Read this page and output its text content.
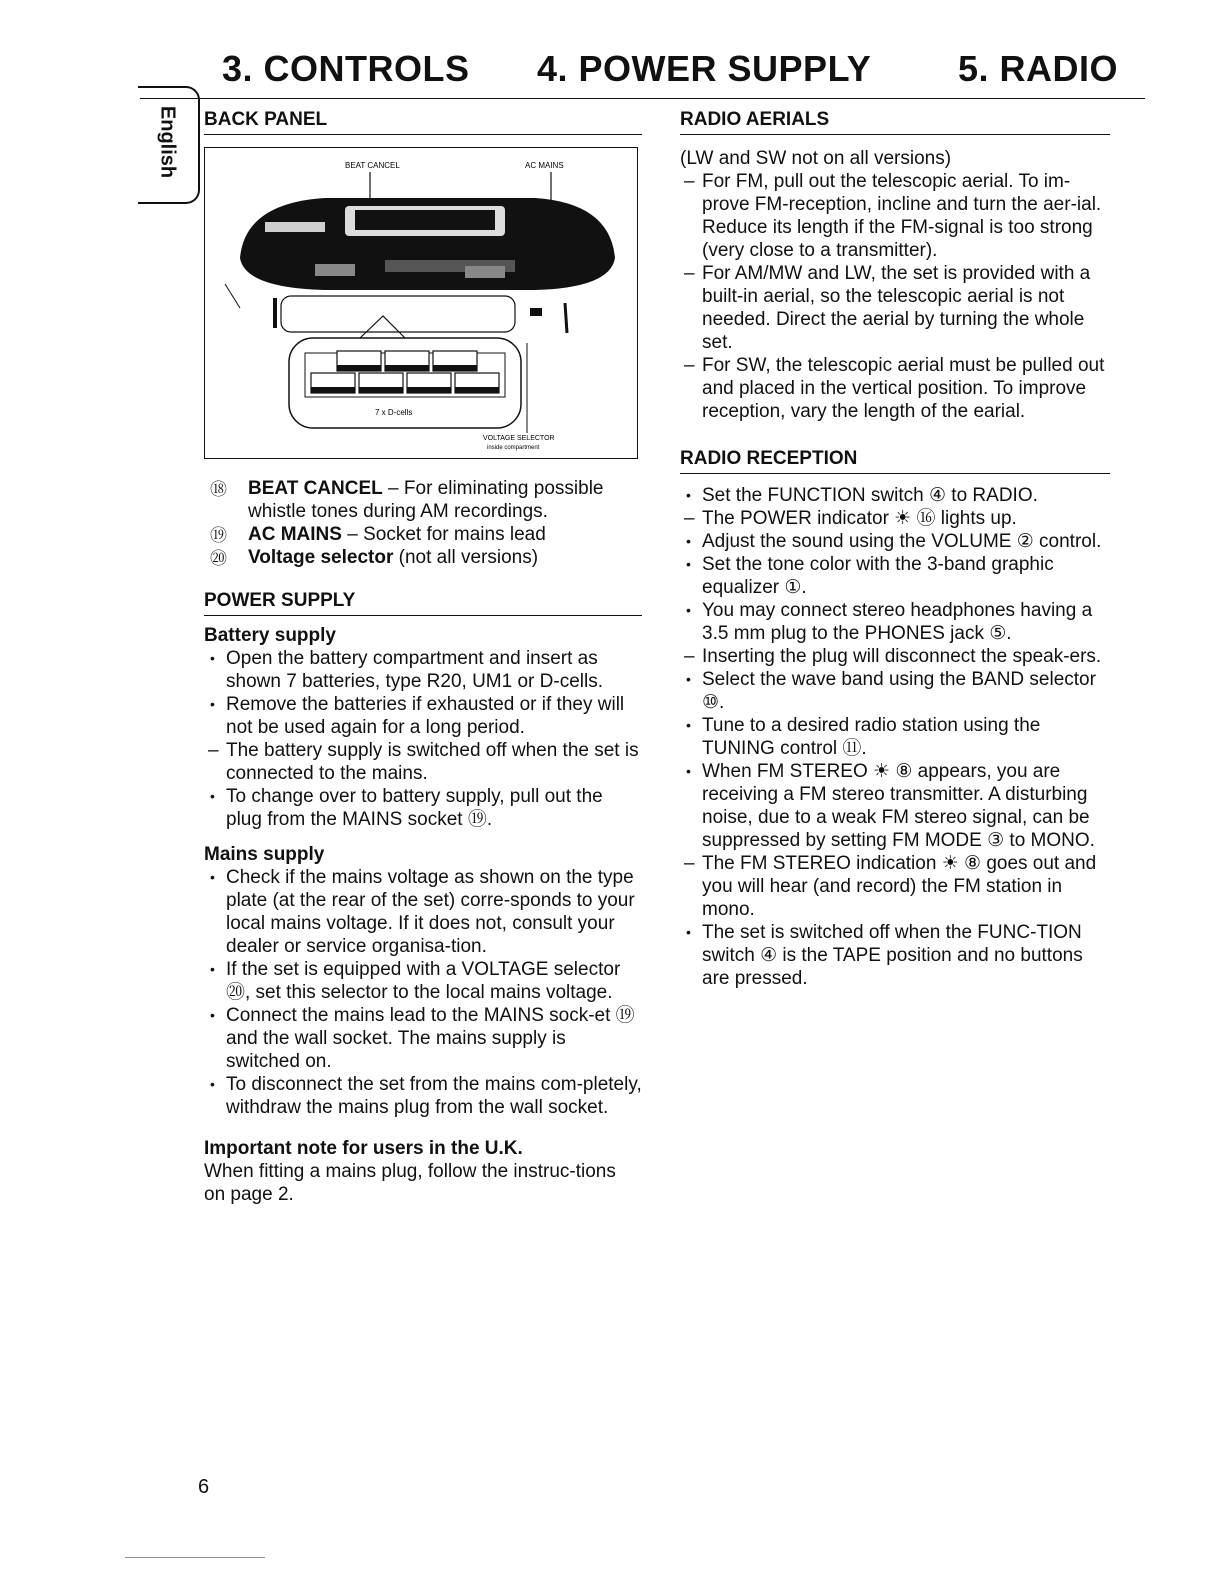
3. CONTROLS 4. POWER SUPPLY 5. RADIO
English BACK PANEL
BEAT CANCEL	AC MAINS
7 x D-cells
VOLTAGE SELECTOR
inside compartment
⑱ BEAT CANCEL – For eliminating possible whistle tones during AM recordings.
⑲ AC MAINS – Socket for mains lead
⑳ Voltage selector (not all versions)
POWER SUPPLY

Battery supply

• Open the battery compartment and insert as shown 7 batteries, type R20, UM1 or D-cells.
• Remove the batteries if exhausted or if they will not be used again for a long period.
– The battery supply is switched off when the set is connected to the mains.
• To change over to battery supply, pull out the plug from the MAINS socket ⑲.

Mains supply

• Check if the mains voltage as shown on the type plate (at the rear of the set) corre-sponds to your local mains voltage. If it does not, consult your dealer or service organisa-tion.
• If the set is equipped with a VOLTAGE selector ⑳, set this selector to the local mains voltage.
• Connect the mains lead to the MAINS sock-et ⑲ and the wall socket. The mains supply is switched on.
• To disconnect the set from the mains com-pletely, withdraw the mains plug from the wall socket.

Important note for users in the U.K.

When fitting a mains plug, follow the instruc-tions on page 2.

RADIO AERIALS

(LW and SW not on all versions)

– For FM, pull out the telescopic aerial. To im-prove FM-reception, incline and turn the aer-ial. Reduce its length if the FM-signal is too strong (very close to a transmitter).
– For AM/MW and LW, the set is provided with a built-in aerial, so the telescopic aerial is not needed. Direct the aerial by turning the whole set.
– For SW, the telescopic aerial must be pulled out and placed in the vertical position. To improve reception, vary the length of the earial.
RADIO RECEPTION
• Set the FUNCTION switch ④ to RADIO.
– The POWER indicator ☀ ⑯ lights up.
• Adjust the sound using the VOLUME ② control.
• Set the tone color with the 3-band graphic equalizer ①.
• You may connect stereo headphones having a 3.5 mm plug to the PHONES jack ⑤.
– Inserting the plug will disconnect the speak-ers.
• Select the wave band using the BAND selector ⑩.
• Tune to a desired radio station using the TUNING control ⑪.
• When FM STEREO ☀ ⑧ appears, you are receiving a FM stereo transmitter. A disturbing noise, due to a weak FM stereo signal, can be suppressed by setting FM MODE ③ to MONO.
– The FM STEREO indication ☀ ⑧ goes out and you will hear (and record) the FM station in mono.
• The set is switched off when the FUNC-TION switch ④ is the TAPE position and no buttons are pressed.
6
